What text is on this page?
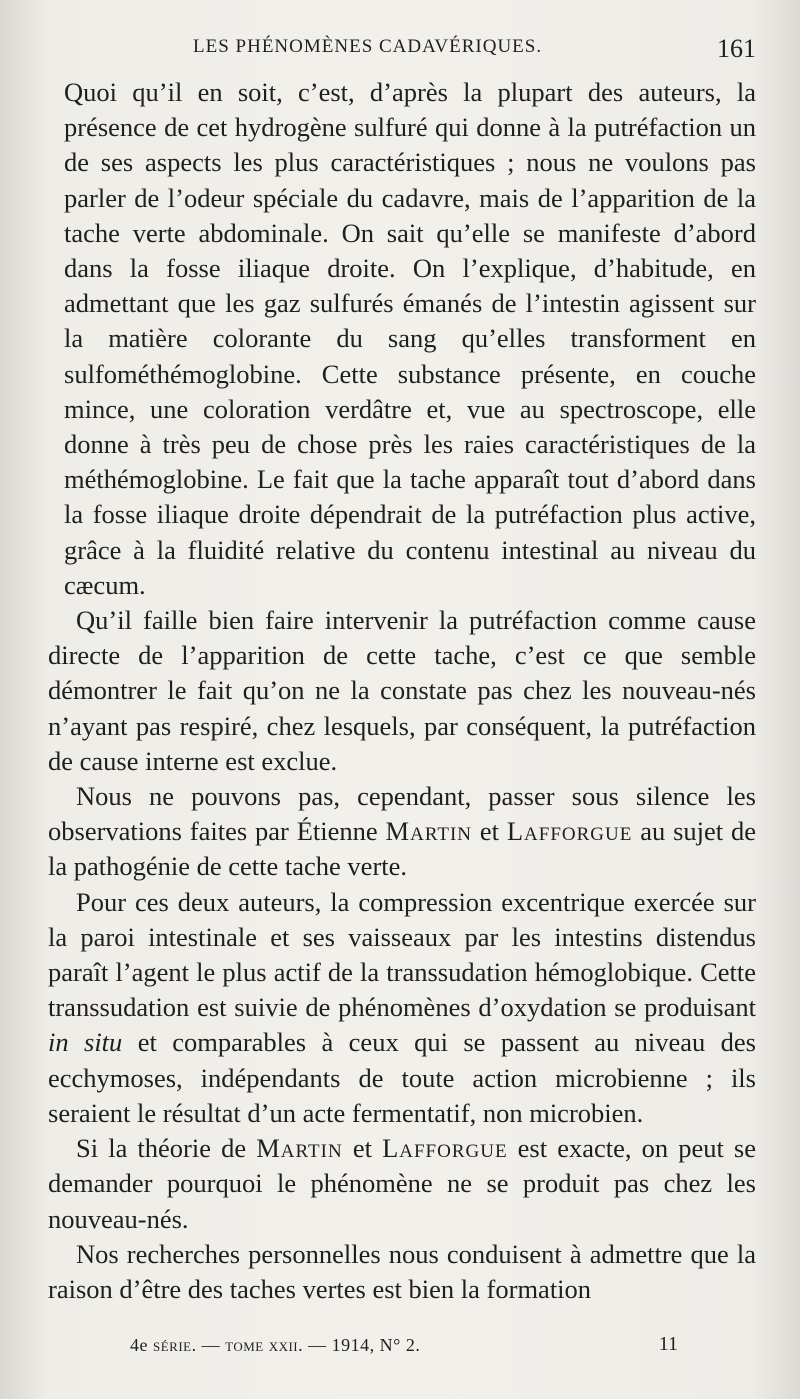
LES PHÉNOMÈNES CADAVÉRIQUES.	161

Quoi qu’il en soit, c’est, d’après la plupart des auteurs, la présence de cet hydrogène sulfuré qui donne à la putréfaction un de ses aspects les plus caractéristiques ; nous ne voulons pas parler de l’odeur spéciale du cadavre, mais de l’apparition de la tache verte abdominale. On sait qu’elle se manifeste d’abord dans la fosse iliaque droite. On l’explique, d’habitude, en admettant que les gaz sulfurés émanés de l’intestin agissent sur la matière colorante du sang qu’elles transforment en sulfométhémoglobine. Cette substance présente, en couche mince, une coloration verdâtre et, vue au spectroscope, elle donne à très peu de chose près les raies caractéristiques de la méthémoglobine. Le fait que la tache apparaît tout d’abord dans la fosse iliaque droite dépendrait de la putréfaction plus active, grâce à la fluidité relative du contenu intestinal au niveau du cæcum.

Qu’il faille bien faire intervenir la putréfaction comme cause directe de l’apparition de cette tache, c’est ce que semble démontrer le fait qu’on ne la constate pas chez les nouveau-nés n’ayant pas respiré, chez lesquels, par conséquent, la putréfaction de cause interne est exclue.

Nous ne pouvons pas, cependant, passer sous silence les observations faites par Étienne Martin et Lafforgue au sujet de la pathogénie de cette tache verte.

Pour ces deux auteurs, la compression excentrique exercée sur la paroi intestinale et ses vaisseaux par les intestins distendus paraît l’agent le plus actif de la transsudation hémoglobique. Cette transsudation est suivie de phénomènes d’oxydation se produisant in situ et comparables à ceux qui se passent au niveau des ecchymoses, indépendants de toute action microbienne ; ils seraient le résultat d’un acte fermentatif, non microbien.

Si la théorie de Martin et Lafforgue est exacte, on peut se demander pourquoi le phénomène ne se produit pas chez les nouveau-nés.

Nos recherches personnelles nous conduisent à admettre que la raison d’être des taches vertes est bien la formation

4e série. — tome xxii. — 1914, N° 2.	11
